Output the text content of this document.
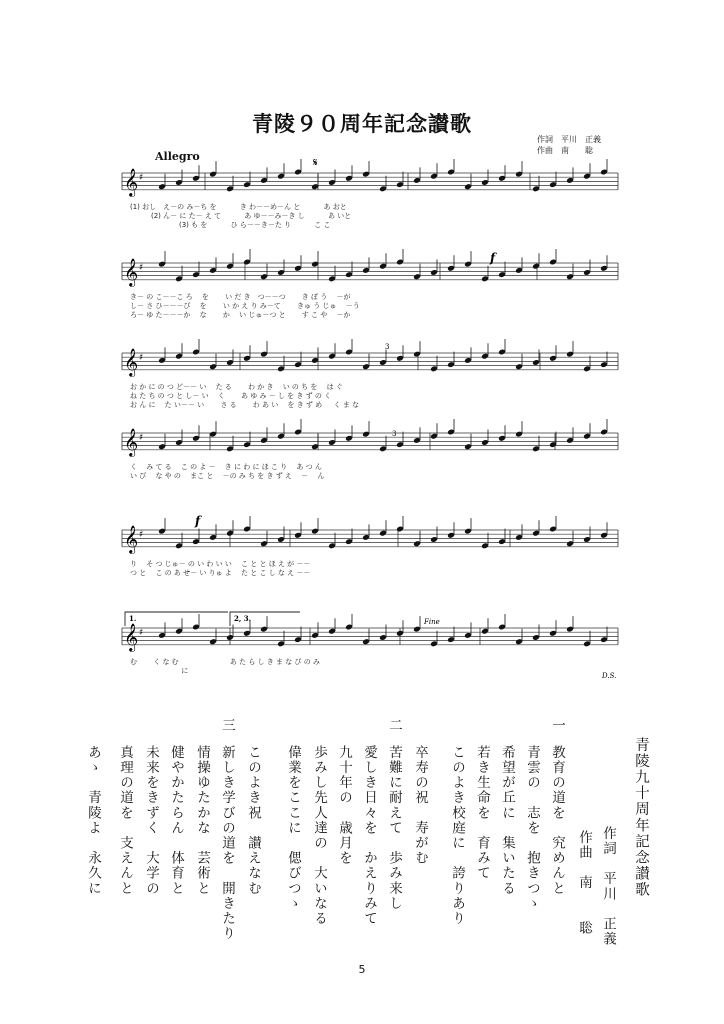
青陵９０周年記念讃歌
作詞　平川　正義
作曲　南　　聡
Allegro
𝄞 ♯
(1) おし　え－の み－ち を　　　 き わ－－め－ん と　　　 あ おと
　　　(2) ん－ に た－ え て　　　 あ ゆ－－み－き し　　　 あ いと
　　　　　　　(3) も を　　　 ひ ら－－き－た り　　　 こ こ
𝄞 ♯
き－ の こ－－こ ろ　 を　　 い だ き　つ－－つ　　 き ぼ う　 －が
し－ さ ひ－－－び　 を　　 い か え り み－て　　 きゅ う じゅ　 －う
ろ－ ゆ た－－－か　 な　　 か　 い じゅ－つ と　　 す こ や　 －か
𝄞 ♯
お か に の つ ど－－ い　 た る　　 わ か き　 い の ち を　 は ぐ
ね た ち の つ と し－ い　 く　　 あ ゆ み － し を き ず の く
お ん に　 た い－－ い　　 さ る　　 わ あ い　 を き ず め 　 く ま な
𝄞 ♯
く　 み て る　 こ の よ －　 き に わ に ほ こ り　 あ つ ん
い び　 な や の　 まこ と　 －の み ち を き ず え　 －　 ん
𝄞 ♯
り　 そ つ じゅ－ の い わ い い　 こ と と ほ え が －－
つ と　 こ の あ せ－ い りゅ よ　 た と こ し な え －－
𝄞 ♯
む　　 く な む　　　　　　　 あ た ら し き ま な び の み
　　　　　　　 に
f
f
3
3
𝄋
1.	2, 3.	Fine
D.S.
青陵九十周年記念讃歌
作詞　平川　正義
作曲　南　　聡
一
教育の道を　究めんと
青雲の　志を　抱きつゝ
希望が丘に　集いたる
若き生命を　育みて
このよき校庭に　誇りあり
二
卒寿の祝　寿がむ
苦難に耐えて　歩み来し
愛しき日々を　かえりみて
九十年の　歳月を
歩みし先人達の　大いなる
偉業をここに　偲びつゝ
三
このよき祝　讃えなむ
新しき学びの道を　開きたり
情操ゆたかな　芸術と
健やかたらん　体育と
未来をきずく　大学の
真理の道を　支えんと
あゝ　青陵よ　永久に
5
